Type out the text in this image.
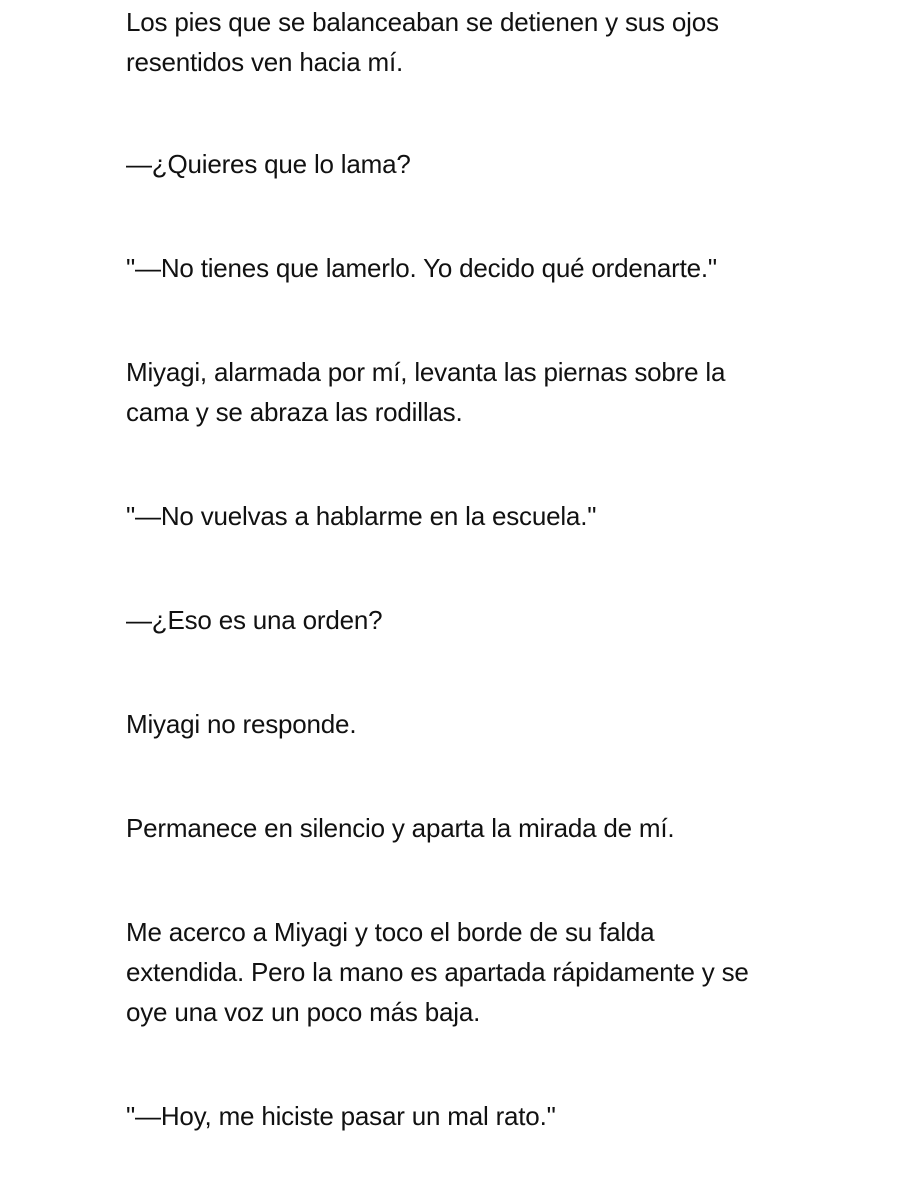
Los pies que se balanceaban se detienen y sus ojos
resentidos ven hacia mí.

—¿Quieres que lo lama?

"—No tienes que lamerlo. Yo decido qué ordenarte."

Miyagi, alarmada por mí, levanta las piernas sobre la
cama y se abraza las rodillas.

"—No vuelvas a hablarme en la escuela."

—¿Eso es una orden?

Miyagi no responde.

Permanece en silencio y aparta la mirada de mí.

Me acerco a Miyagi y toco el borde de su falda
extendida. Pero la mano es apartada rápidamente y se
oye una voz un poco más baja.

"—Hoy, me hiciste pasar un mal rato."
